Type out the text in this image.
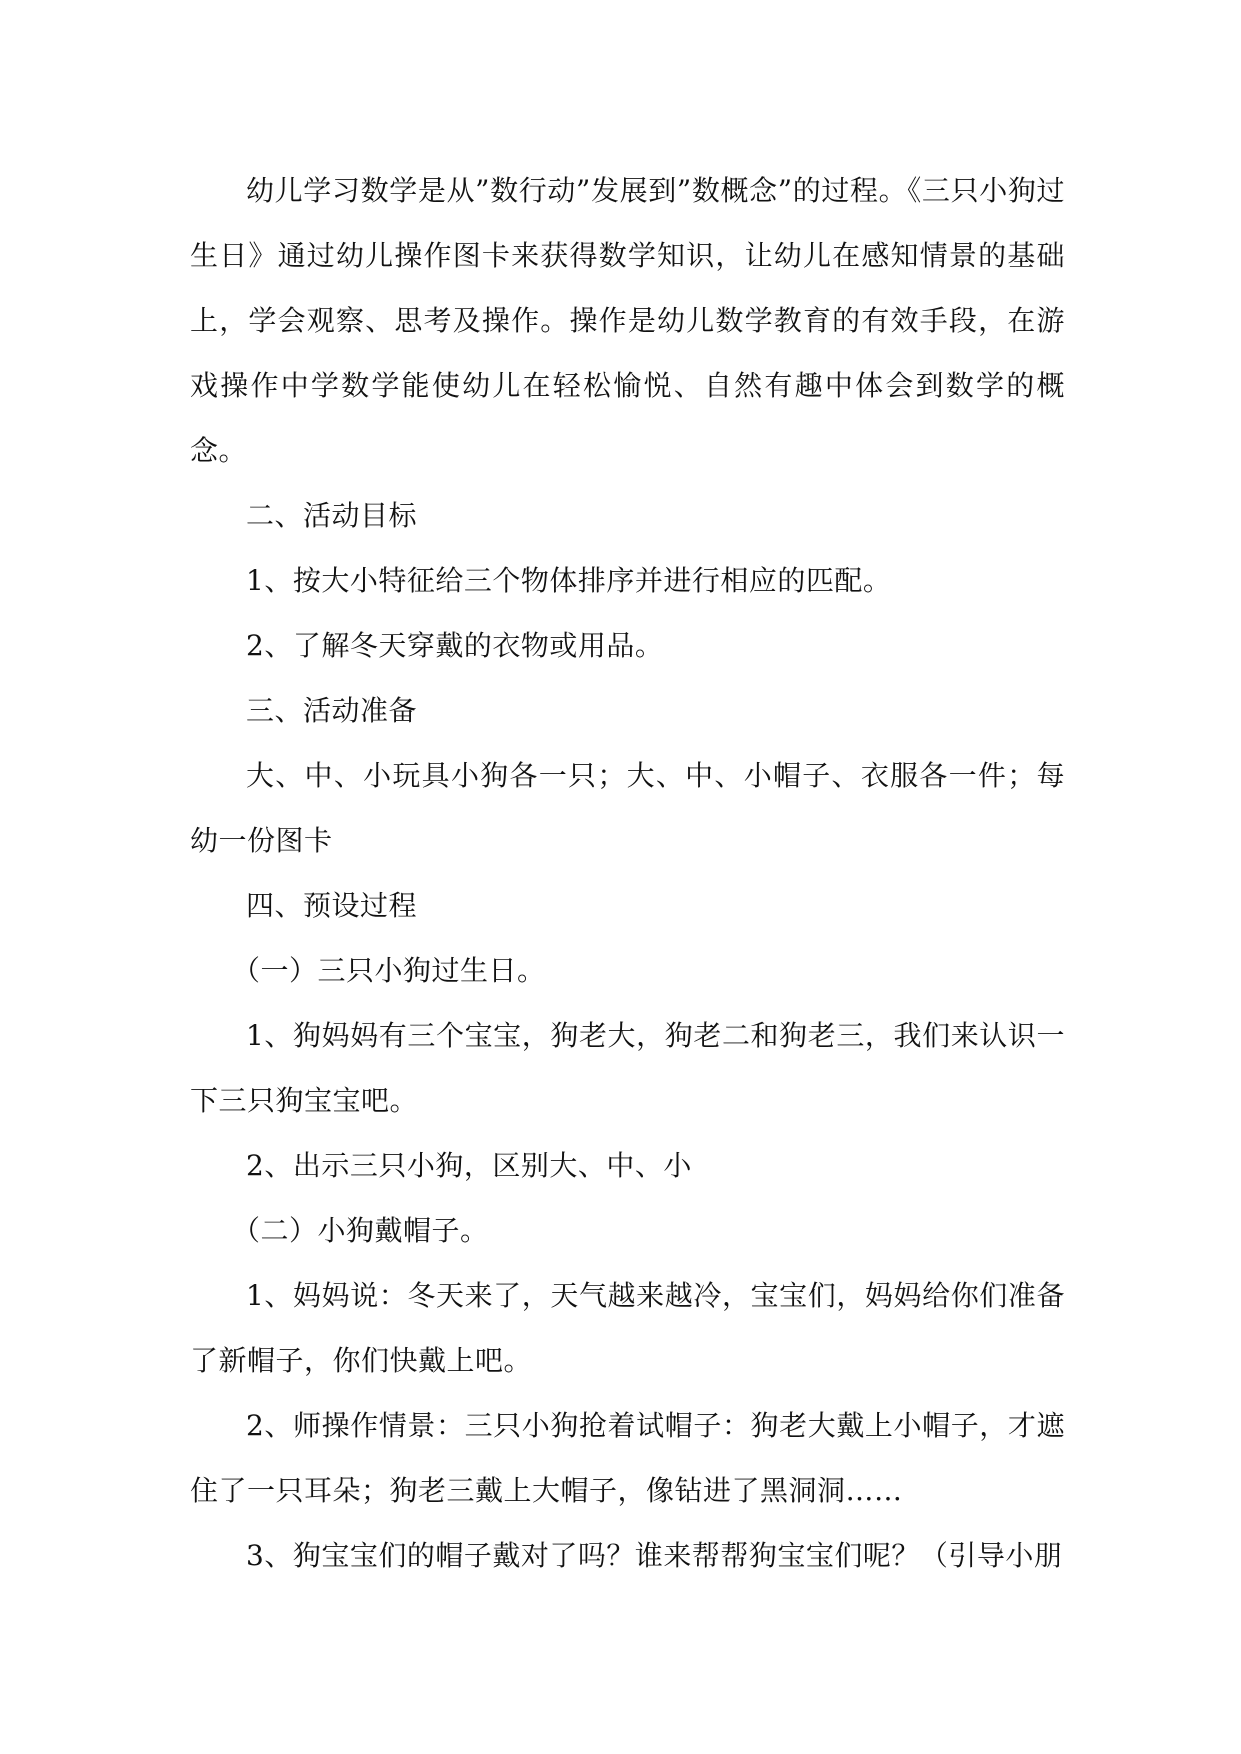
幼儿学习数学是从”数行动”发展到”数概念”的过程。《三只小狗过生日》通过幼儿操作图卡来获得数学知识，让幼儿在感知情景的基础上，学会观察、思考及操作。操作是幼儿数学教育的有效手段，在游戏操作中学数学能使幼儿在轻松愉悦、自然有趣中体会到数学的概念。

二、活动目标

1、按大小特征给三个物体排序并进行相应的匹配。

2、了解冬天穿戴的衣物或用品。

三、活动准备

大、中、小玩具小狗各一只；大、中、小帽子、衣服各一件；每幼一份图卡

四、预设过程

（一）三只小狗过生日。

1、狗妈妈有三个宝宝，狗老大，狗老二和狗老三，我们来认识一下三只狗宝宝吧。

2、出示三只小狗，区别大、中、小

（二）小狗戴帽子。

1、妈妈说：冬天来了，天气越来越冷，宝宝们，妈妈给你们准备了新帽子，你们快戴上吧。

2、师操作情景：三只小狗抢着试帽子：狗老大戴上小帽子，才遮住了一只耳朵；狗老三戴上大帽子，像钻进了黑洞洞……

3、狗宝宝们的帽子戴对了吗？谁来帮帮狗宝宝们呢？（引导小朋
